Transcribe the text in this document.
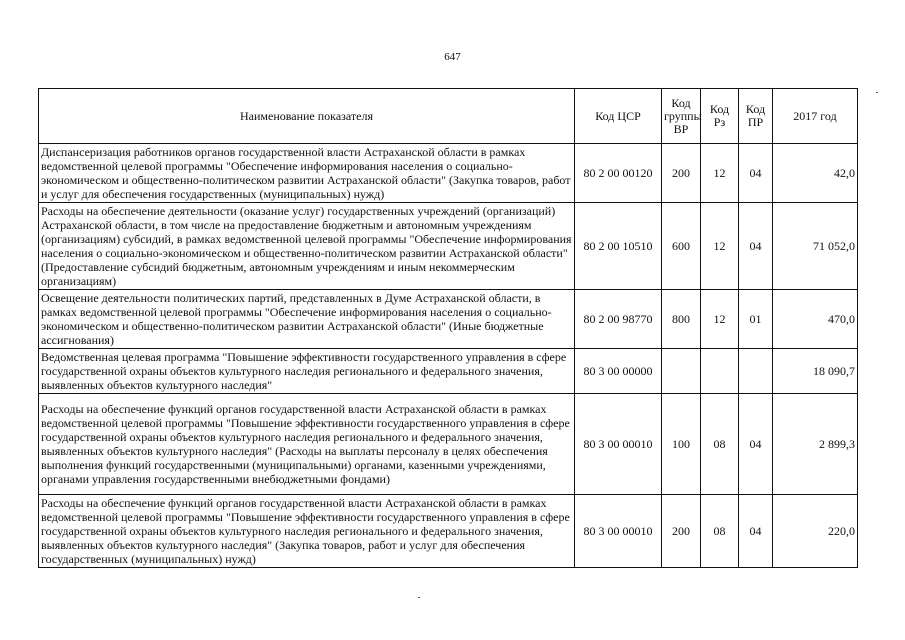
647
Наименование показателя	Код ЦСР	Код группы ВР	Код Рз	Код ПР	2017 год
Диспансеризация работников органов государственной власти Астраханской области в рамках ведомственной целевой программы "Обеспечение информирования населения о социально-экономическом и общественно-политическом развитии Астраханской области" (Закупка товаров, работ и услуг для обеспечения государственных (муниципальных) нужд)	80 2 00 00120	200	12	04	42,0
Расходы на обеспечение деятельности (оказание услуг) государственных учреждений (организаций) Астраханской области, в том числе на предоставление бюджетным и автономным учреждениям (организациям) субсидий, в рамках ведомственной целевой программы "Обеспечение информирования населения о социально-экономическом и общественно-политическом развитии Астраханской области" (Предоставление субсидий бюджетным, автономным учреждениям и иным некоммерческим организациям)	80 2 00 10510	600	12	04	71 052,0
Освещение деятельности политических партий, представленных в Думе Астраханской области, в рамках ведомственной целевой программы "Обеспечение информирования населения о социально-экономическом и общественно-политическом развитии Астраханской области" (Иные бюджетные ассигнования)	80 2 00 98770	800	12	01	470,0
Ведомственная целевая программа "Повышение эффективности государственного управления в сфере государственной охраны объектов культурного наследия регионального и федерального значения, выявленных объектов культурного наследия"	80 3 00 00000				18 090,7
Расходы на обеспечение функций органов государственной власти Астраханской области в рамках ведомственной целевой программы "Повышение эффективности государственного управления в сфере государственной охраны объектов культурного наследия регионального и федерального значения, выявленных объектов культурного наследия" (Расходы на выплаты персоналу в целях обеспечения выполнения функций государственными (муниципальными) органами, казенными учреждениями, органами управления государственными внебюджетными фондами)	80 3 00 00010	100	08	04	2 899,3
Расходы на обеспечение функций органов государственной власти Астраханской области в рамках ведомственной целевой программы "Повышение эффективности государственного управления в сфере государственной охраны объектов культурного наследия регионального и федерального значения, выявленных объектов культурного наследия" (Закупка товаров, работ и услуг для обеспечения государственных (муниципальных) нужд)	80 3 00 00010	200	08	04	220,0
